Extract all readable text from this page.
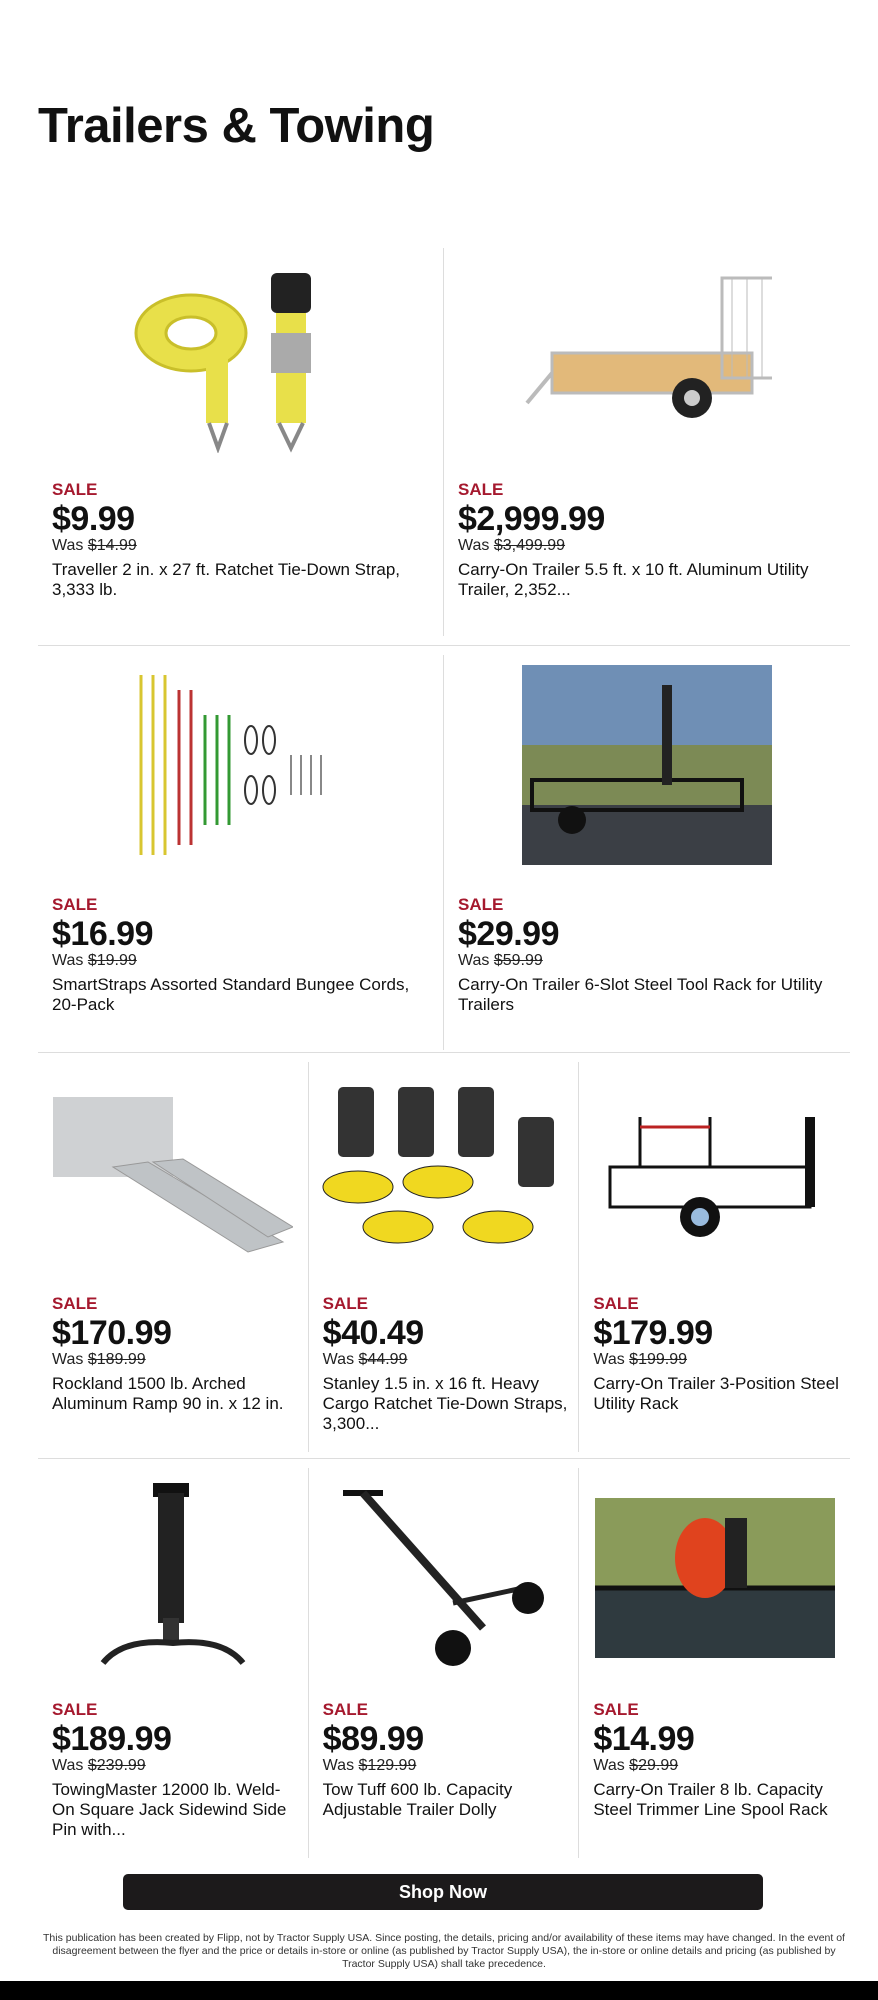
Trailers & Towing
SALE
$9.99
Was $14.99
Traveller 2 in. x 27 ft. Ratchet Tie-Down Strap, 3,333 lb.
SALE
$2,999.99
Was $3,499.99
Carry-On Trailer 5.5 ft. x 10 ft. Aluminum Utility Trailer, 2,352...
SALE
$16.99
Was $19.99
SmartStraps Assorted Standard Bungee Cords, 20-Pack
SALE
$29.99
Was $59.99
Carry-On Trailer 6-Slot Steel Tool Rack for Utility Trailers
SALE
$170.99
Was $189.99
Rockland 1500 lb. Arched Aluminum Ramp 90 in. x 12 in.
SALE
$40.49
Was $44.99
Stanley 1.5 in. x 16 ft. Heavy Cargo Ratchet Tie-Down Straps, 3,300...
SALE
$179.99
Was $199.99
Carry-On Trailer 3-Position Steel Utility Rack
SALE
$189.99
Was $239.99
TowingMaster 12000 lb. Weld-On Square Jack Sidewind Side Pin with...
SALE
$89.99
Was $129.99
Tow Tuff 600 lb. Capacity Adjustable Trailer Dolly
SALE
$14.99
Was $29.99
Carry-On Trailer 8 lb. Capacity Steel Trimmer Line Spool Rack
Shop Now
This publication has been created by Flipp, not by Tractor Supply USA. Since posting, the details, pricing and/or availability of these items may have changed. In the event of disagreement between the flyer and the price or details in-store or online (as published by Tractor Supply USA), the in-store or online details and pricing (as published by Tractor Supply USA) shall take precedence.
